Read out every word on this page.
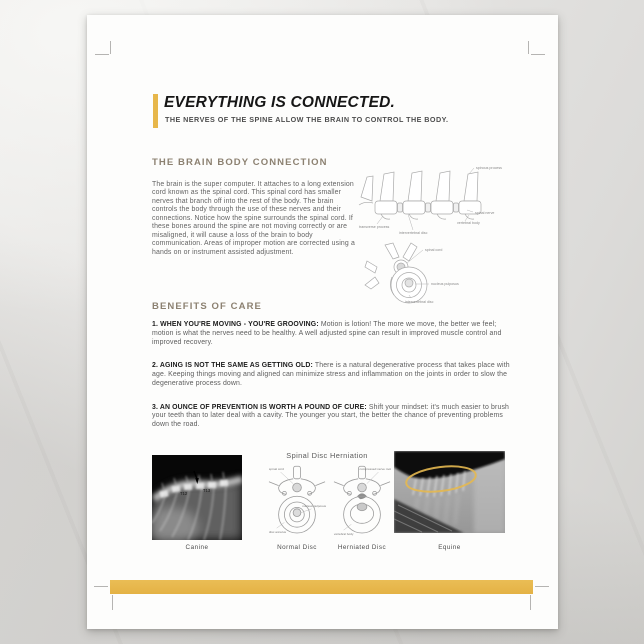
EVERYTHING IS CONNECTED.
THE NERVES OF THE SPINE ALLOW THE BRAIN TO CONTROL THE BODY.
THE BRAIN BODY CONNECTION
The brain is the super computer. It attaches to a long extension cord known as the spinal cord. This spinal cord has smaller nerves that branch off into the rest of the body. The brain controls the body through the use of these nerves and their connections. Notice how the spine surrounds the spinal cord. If these bones around the spine are not moving correctly or are misaligned, it will cause a loss of the brain to body communication. Areas of improper motion are corrected using a hands on or instrument assisted adjustment.
spinous process
transverse process
intervertebral disc
spinal nerve
vertebral body
spinal cord
nucleus pulposus
intervertebral disc
BENEFITS OF CARE
1. WHEN YOU'RE MOVING - YOU'RE GROOVING: Motion is lotion! The more we move, the better we feel; motion is what the nerves need to be healthy. A well adjusted spine can result in improved muscle control and improved recovery.
2. AGING IS NOT THE SAME AS GETTING OLD: There is a natural degenerative process that takes place with age. Keeping things moving and aligned can minimize stress and inflammation on the joints in order to slow the degenerative process down.
3. AN OUNCE OF PREVENTION IS WORTH A POUND OF CURE: Shift your mindset: it's much easier to brush your teeth than to later deal with a cavity. The younger you start, the better the chance of preventing problems down the road.
T12
T13
Canine
Spinal Disc Herniation
spinal cord
nucleus pulposus
disc annulus
Normal Disc
compressed nerve root
vertebral body
Herniated Disc	Equine
